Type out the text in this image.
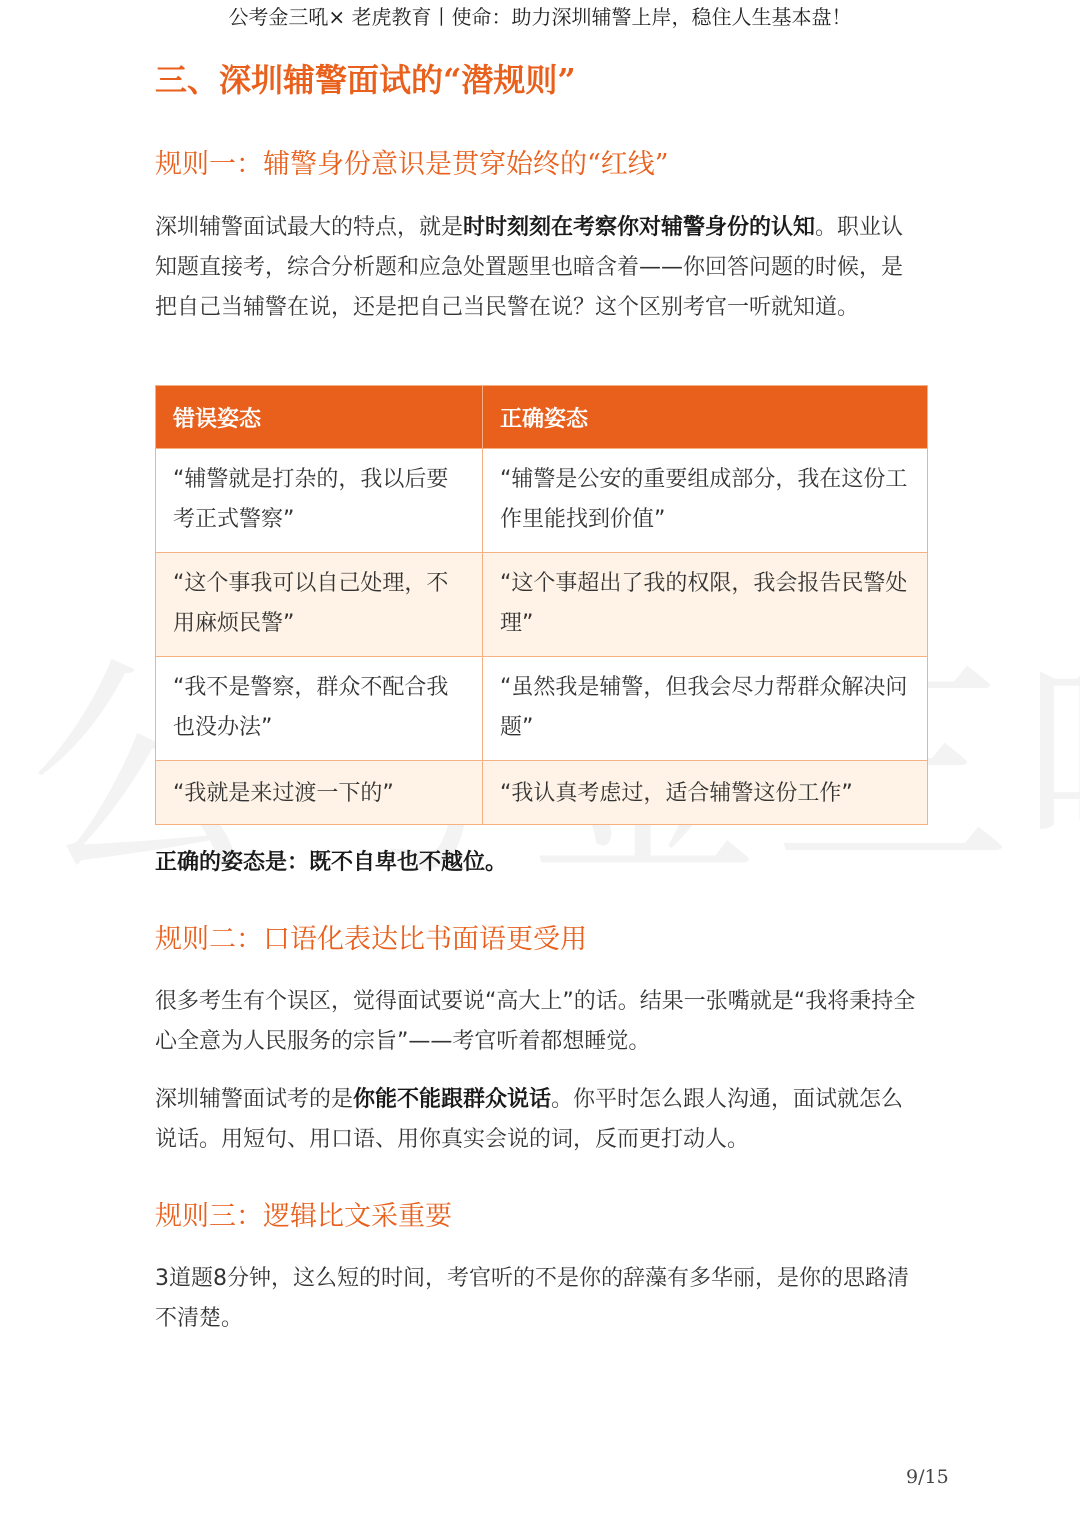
公考金三吼× 老虎教育丨使命：助力深圳辅警上岸，稳住人生基本盘！
三、深圳辅警面试的“潜规则”
规则一：辅警身份意识是贯穿始终的“红线”
深圳辅警面试最大的特点，就是时时刻刻在考察你对辅警身份的认知。职业认知题直接考，综合分析题和应急处置题里也暗含着——你回答问题的时候，是把自己当辅警在说，还是把自己当民警在说？这个区别考官一听就知道。
错误姿态	正确姿态
“辅警就是打杂的，我以后要考正式警察”	“辅警是公安的重要组成部分，我在这份工作里能找到价值”
“这个事我可以自己处理，不用麻烦民警”	“这个事超出了我的权限，我会报告民警处理”
“我不是警察，群众不配合我也没办法”	“虽然我是辅警，但我会尽力帮群众解决问题”
“我就是来过渡一下的”	“我认真考虑过，适合辅警这份工作”
正确的姿态是：既不自卑也不越位。
规则二：口语化表达比书面语更受用
很多考生有个误区，觉得面试要说“高大上”的话。结果一张嘴就是“我将秉持全心全意为人民服务的宗旨”——考官听着都想睡觉。
深圳辅警面试考的是你能不能跟群众说话。你平时怎么跟人沟通，面试就怎么说话。用短句、用口语、用你真实会说的词，反而更打动人。
规则三：逻辑比文采重要
3道题8分钟，这么短的时间，考官听的不是你的辞藻有多华丽，是你的思路清不清楚。
9/15
